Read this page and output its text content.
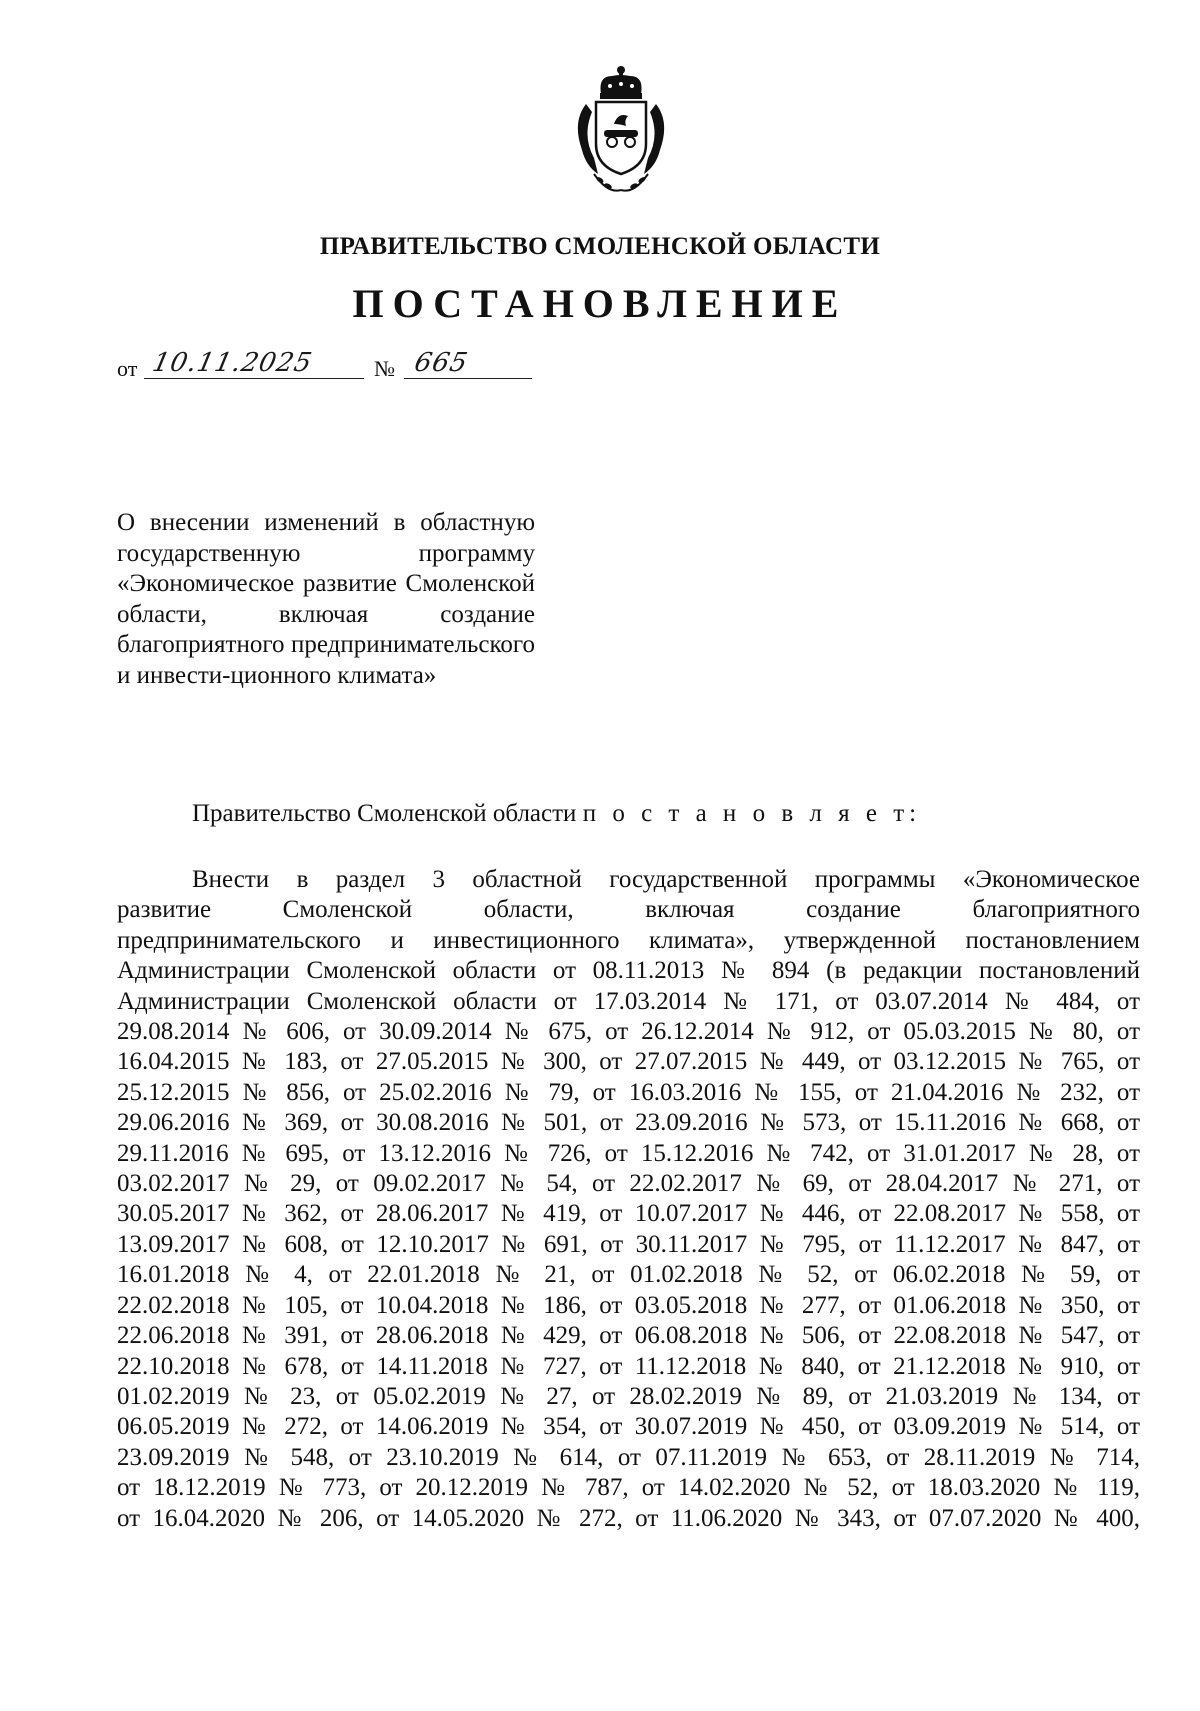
ПРАВИТЕЛЬСТВО СМОЛЕНСКОЙ ОБЛАСТИ
ПОСТАНОВЛЕНИЕ
от 10.11.2025	№ 665
О внесении изменений в областную государственную программу «Экономическое развитие Смоленской области, включая создание благоприятного предпринимательского и инвести-ционного климата»
Правительство Смоленской области п о с т а н о в л я е т:
Внести в раздел 3 областной государственной программы «Экономическое
развитие Смоленской области, включая создание благоприятного
предпринимательского и инвестиционного климата», утвержденной постановлением
Администрации Смоленской области от 08.11.2013 № 894 (в редакции постановлений
Администрации Смоленской области от 17.03.2014 № 171, от 03.07.2014 № 484, от
29.08.2014 № 606, от 30.09.2014 № 675, от 26.12.2014 № 912, от 05.03.2015 № 80, от
16.04.2015 № 183, от 27.05.2015 № 300, от 27.07.2015 № 449, от 03.12.2015 № 765, от
25.12.2015 № 856, от 25.02.2016 № 79, от 16.03.2016 № 155, от 21.04.2016 № 232, от
29.06.2016 № 369, от 30.08.2016 № 501, от 23.09.2016 № 573, от 15.11.2016 № 668, от
29.11.2016 № 695, от 13.12.2016 № 726, от 15.12.2016 № 742, от 31.01.2017 № 28, от
03.02.2017 № 29, от 09.02.2017 № 54, от 22.02.2017 № 69, от 28.04.2017 № 271, от
30.05.2017 № 362, от 28.06.2017 № 419, от 10.07.2017 № 446, от 22.08.2017 № 558, от
13.09.2017 № 608, от 12.10.2017 № 691, от 30.11.2017 № 795, от 11.12.2017 № 847, от
16.01.2018 № 4, от 22.01.2018 № 21, от 01.02.2018 № 52, от 06.02.2018 № 59, от
22.02.2018 № 105, от 10.04.2018 № 186, от 03.05.2018 № 277, от 01.06.2018 № 350, от
22.06.2018 № 391, от 28.06.2018 № 429, от 06.08.2018 № 506, от 22.08.2018 № 547, от
22.10.2018 № 678, от 14.11.2018 № 727, от 11.12.2018 № 840, от 21.12.2018 № 910, от
01.02.2019 № 23, от 05.02.2019 № 27, от 28.02.2019 № 89, от 21.03.2019 № 134, от
06.05.2019 № 272, от 14.06.2019 № 354, от 30.07.2019 № 450, от 03.09.2019 № 514, от
23.09.2019 № 548, от 23.10.2019 № 614, от 07.11.2019 № 653, от 28.11.2019 № 714,
от 18.12.2019 № 773, от 20.12.2019 № 787, от 14.02.2020 № 52, от 18.03.2020 № 119,
от 16.04.2020 № 206, от 14.05.2020 № 272, от 11.06.2020 № 343, от 07.07.2020 № 400,
